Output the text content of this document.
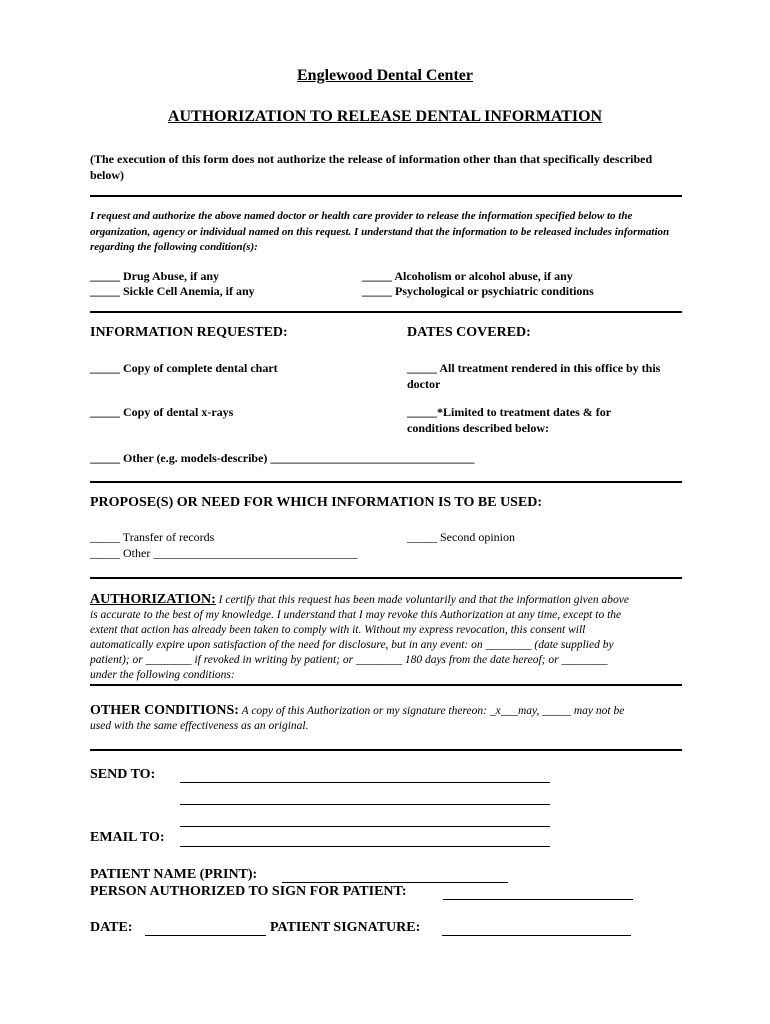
Englewood Dental Center
AUTHORIZATION TO RELEASE DENTAL INFORMATION
(The execution of this form does not authorize the release of information other than that specifically described below)
I request and authorize the above named doctor or health care provider to release the information specified below to the organization, agency or individual named on this request. I understand that the information to be released includes information regarding the following condition(s):
_____ Drug Abuse, if any
_____ Sickle Cell Anemia, if any
_____ Alcoholism or alcohol abuse, if any
_____ Psychological or psychiatric conditions
INFORMATION REQUESTED:	DATES COVERED:
_____ Copy of complete dental chart
_____ Copy of dental x-rays
_____ Other (e.g. models-describe) __________________________________
_____ All treatment rendered in this office by this doctor
_____*Limited to treatment dates & for conditions described below:
PROPOSE(S) OR NEED FOR WHICH INFORMATION IS TO BE USED:
_____ Transfer of records
_____ Other __________________________________
_____ Second opinion
AUTHORIZATION: I certify that this request has been made voluntarily and that the information given above is accurate to the best of my knowledge. I understand that I may revoke this Authorization at any time, except to the extent that action has already been taken to comply with it. Without my express revocation, this consent will automatically expire upon satisfaction of the need for disclosure, but in any event: on ________ (date supplied by patient); or ________ if revoked in writing by patient; or ________ 180 days from the date hereof; or ________ under the following conditions:
OTHER CONDITIONS: A copy of this Authorization or my signature thereon: _x___may, _____ may not be used with the same effectiveness as an original.
SEND TO:
EMAIL TO:
PATIENT NAME (PRINT):
PERSON AUTHORIZED TO SIGN FOR PATIENT:
DATE:	PATIENT SIGNATURE:
